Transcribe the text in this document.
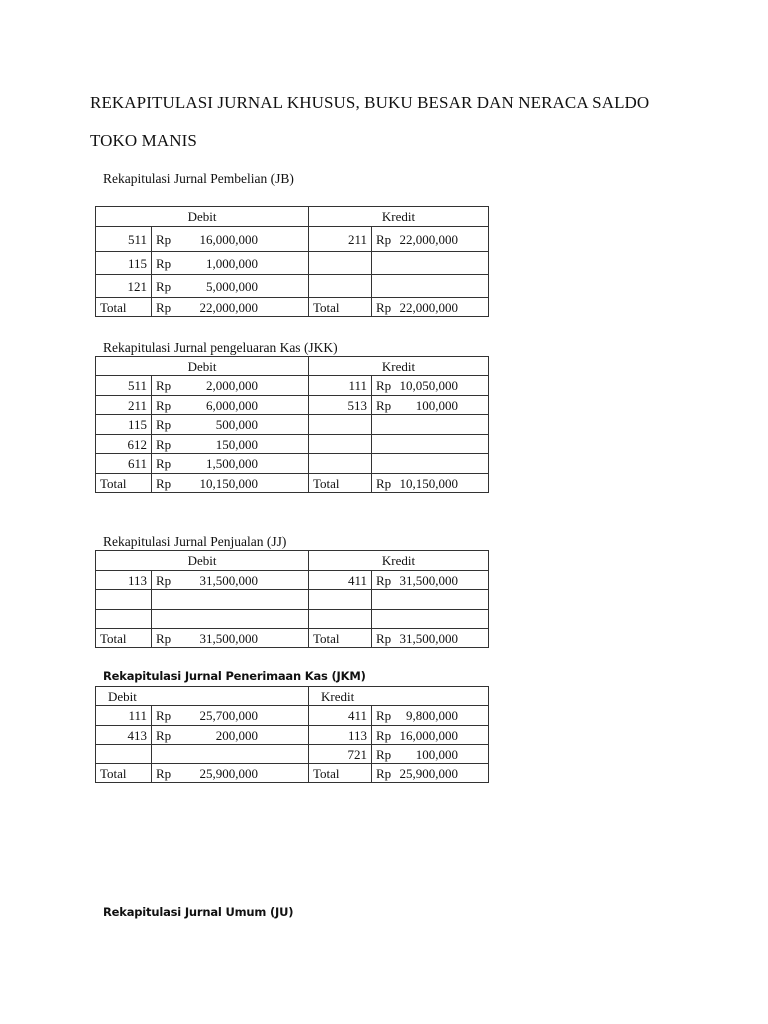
REKAPITULASI JURNAL KHUSUS, BUKU BESAR DAN NERACA SALDO
TOKO MANIS
Rekapitulasi Jurnal Pembelian (JB)
Debit		Kredit	
511	Rp 16,000,000	211	Rp 22,000,000
115	Rp 1,000,000		
121	Rp 5,000,000		
Total	Rp 22,000,000	Total	Rp 22,000,000
Rekapitulasi Jurnal pengeluaran Kas (JKK)
Debit		Kredit	
511	Rp 2,000,000	111	Rp 10,050,000
211	Rp 6,000,000	513	Rp 100,000
115	Rp 500,000		
612	Rp 150,000		
611	Rp 1,500,000		
Total	Rp 10,150,000	Total	Rp 10,150,000
Rekapitulasi Jurnal Penjualan (JJ)
Debit		Kredit	
113	Rp 31,500,000	411	Rp 31,500,000

Total	Rp 31,500,000	Total	Rp 31,500,000
Rekapitulasi Jurnal Penerimaan Kas (JKM)
Debit		Kredit	
111	Rp 25,700,000	411	Rp 9,800,000
413	Rp 200,000	113	Rp 16,000,000
		721	Rp 100,000
Total	Rp 25,900,000	Total	Rp 25,900,000
Rekapitulasi Jurnal Umum (JU)
